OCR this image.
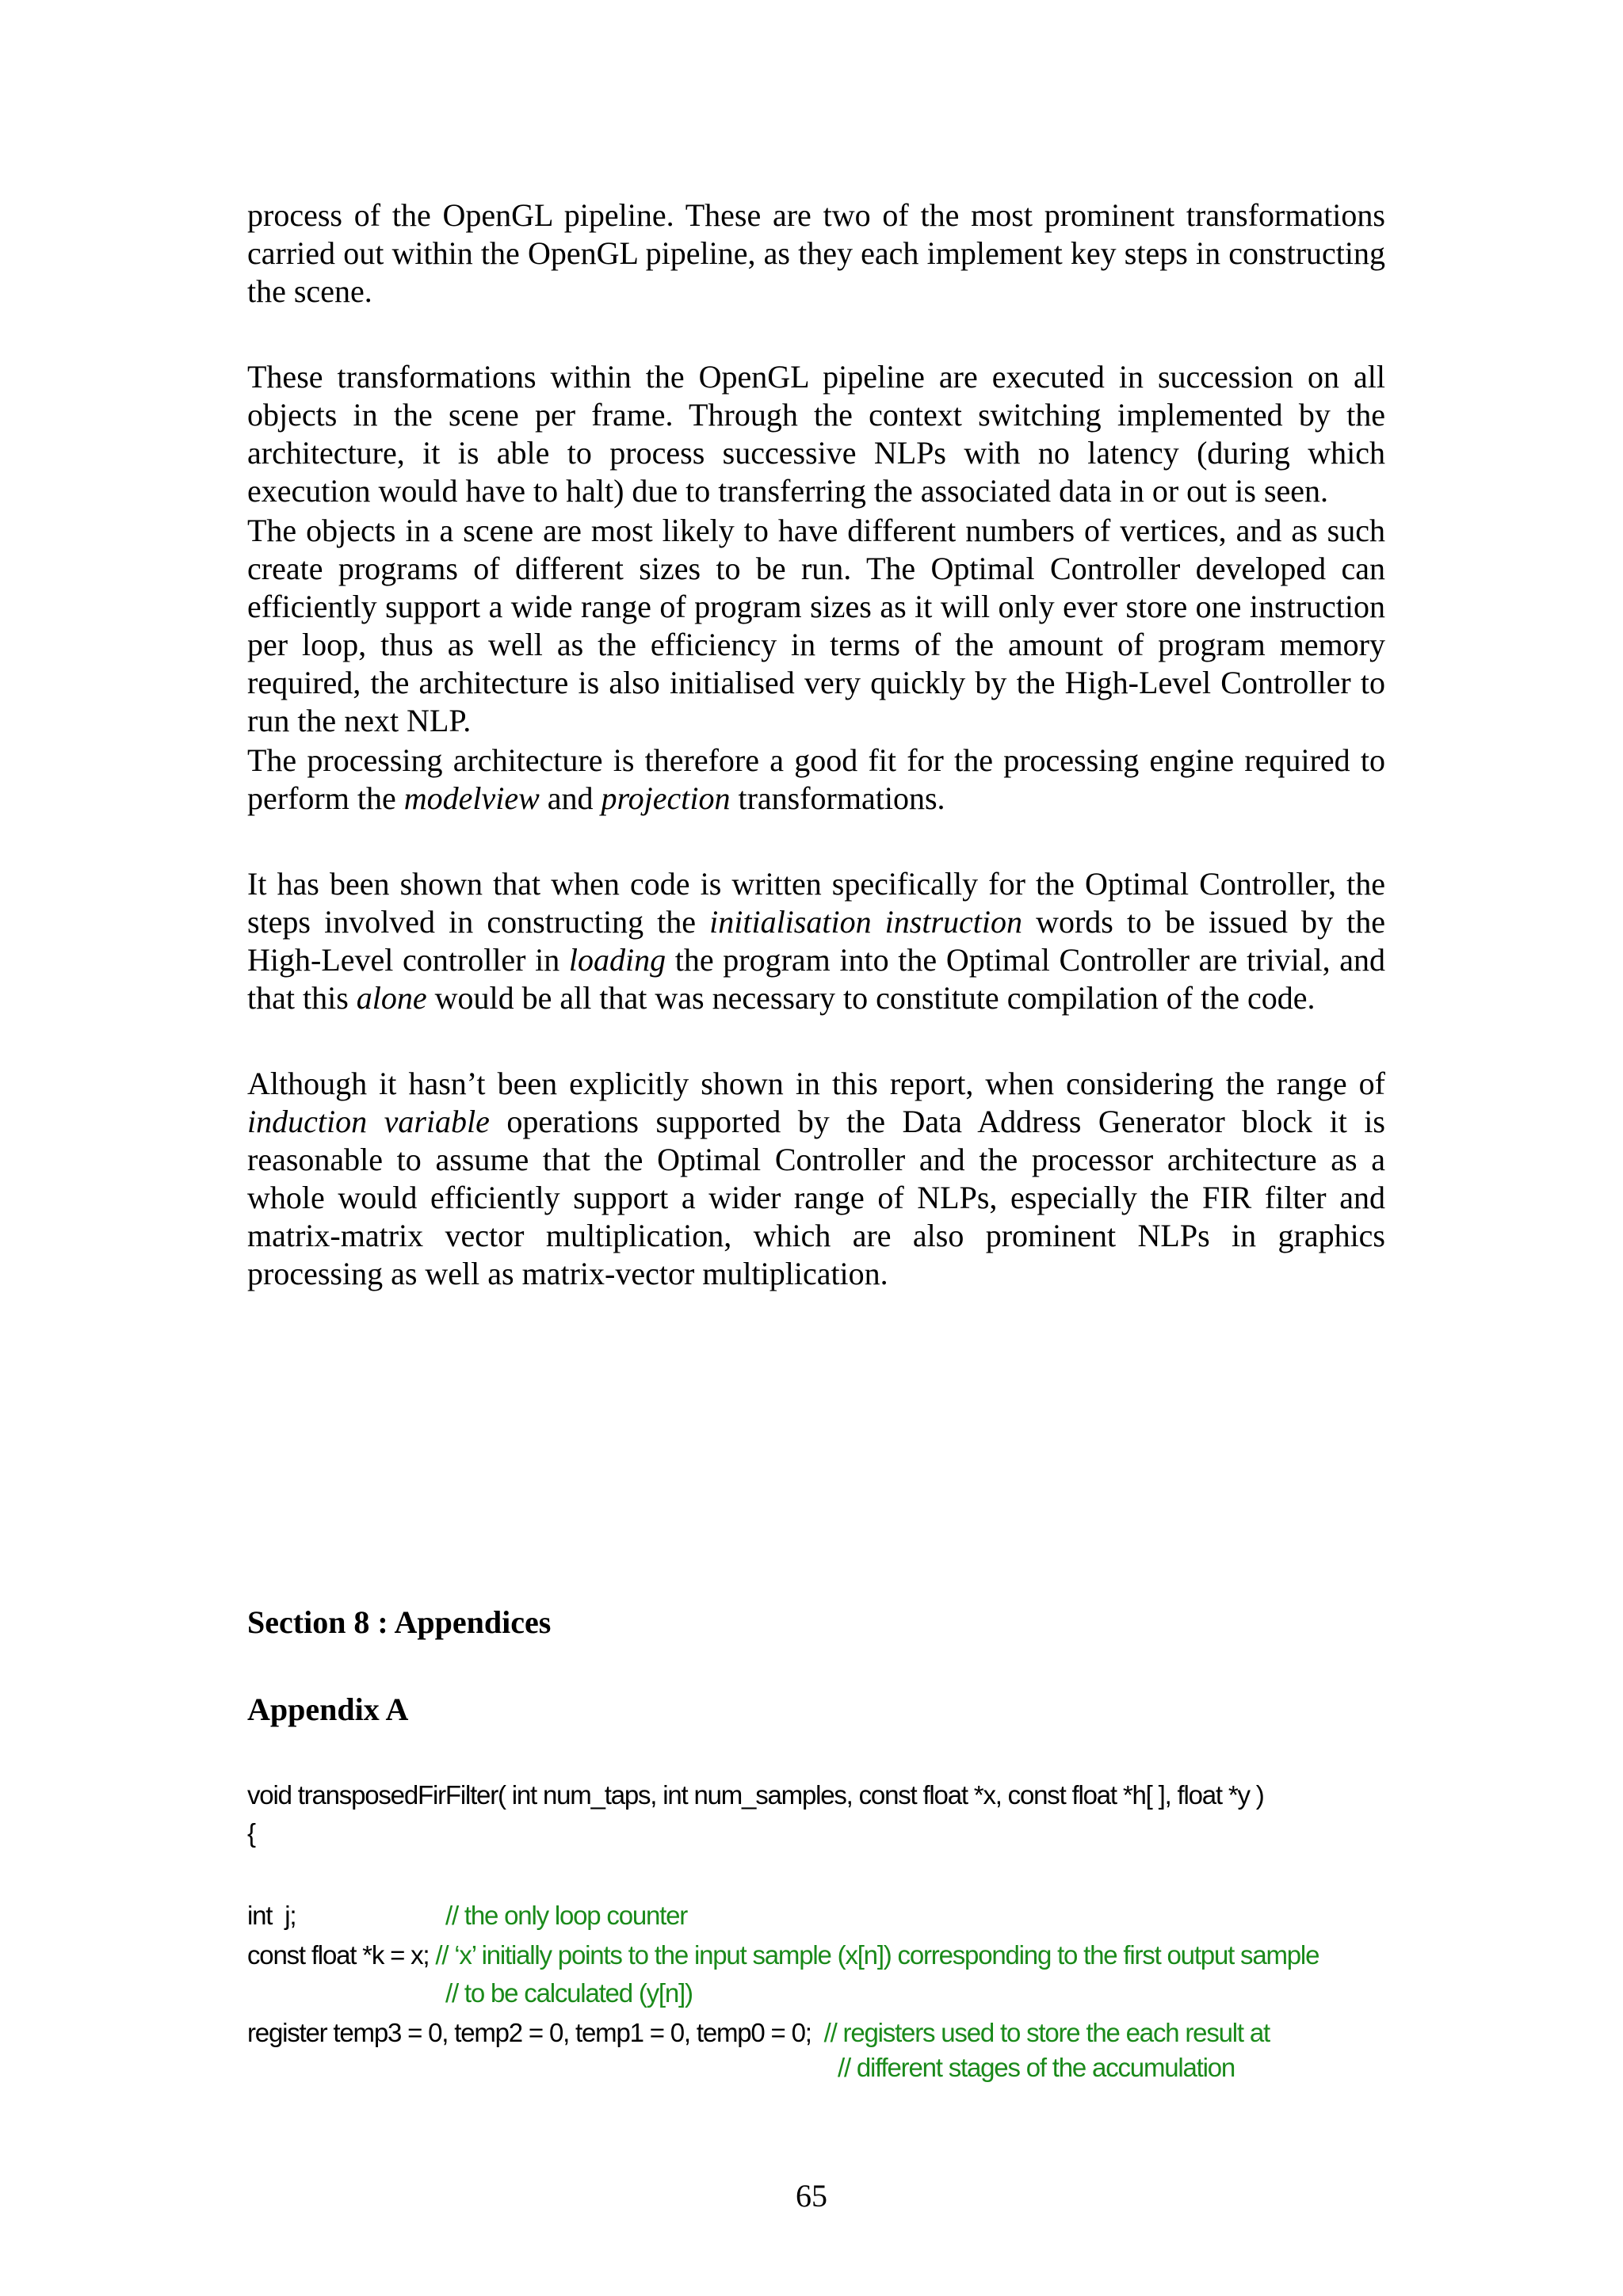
process of the OpenGL pipeline. These are two of the most prominent transformations carried out within the OpenGL pipeline, as they each implement key steps in constructing the scene.

These transformations within the OpenGL pipeline are executed in succession on all objects in the scene per frame. Through the context switching implemented by the architecture, it is able to process successive NLPs with no latency (during which execution would have to halt) due to transferring the associated data in or out is seen.

The objects in a scene are most likely to have different numbers of vertices, and as such create programs of different sizes to be run. The Optimal Controller developed can efficiently support a wide range of program sizes as it will only ever store one instruction per loop, thus as well as the efficiency in terms of the amount of program memory required, the architecture is also initialised very quickly by the High-Level Controller to run the next NLP.

The processing architecture is therefore a good fit for the processing engine required to perform the modelview and projection transformations.

It has been shown that when code is written specifically for the Optimal Controller, the steps involved in constructing the initialisation instruction words to be issued by the High-Level controller in loading the program into the Optimal Controller are trivial, and that this alone would be all that was necessary to constitute compilation of the code.

Although it hasn’t been explicitly shown in this report, when considering the range of induction variable operations supported by the Data Address Generator block it is reasonable to assume that the Optimal Controller and the processor architecture as a whole would efficiently support a wider range of NLPs, especially the FIR filter and matrix-matrix vector multiplication, which are also prominent NLPs in graphics processing as well as matrix-vector multiplication.

Section 8 : Appendices
Appendix A

void transposedFirFilter( int num_taps, int num_samples, const float *x, const float *h[ ], float *y )

{

int  j;

	// the only loop counter

const float *k = x; // ‘x’ initially points to the input sample (x[n]) corresponding to the first output sample

// to be calculated (y[n])

register temp3 = 0, temp2 = 0, temp1 = 0, temp0 = 0;  // registers used to store the each result at

// different stages of the accumulation

65
